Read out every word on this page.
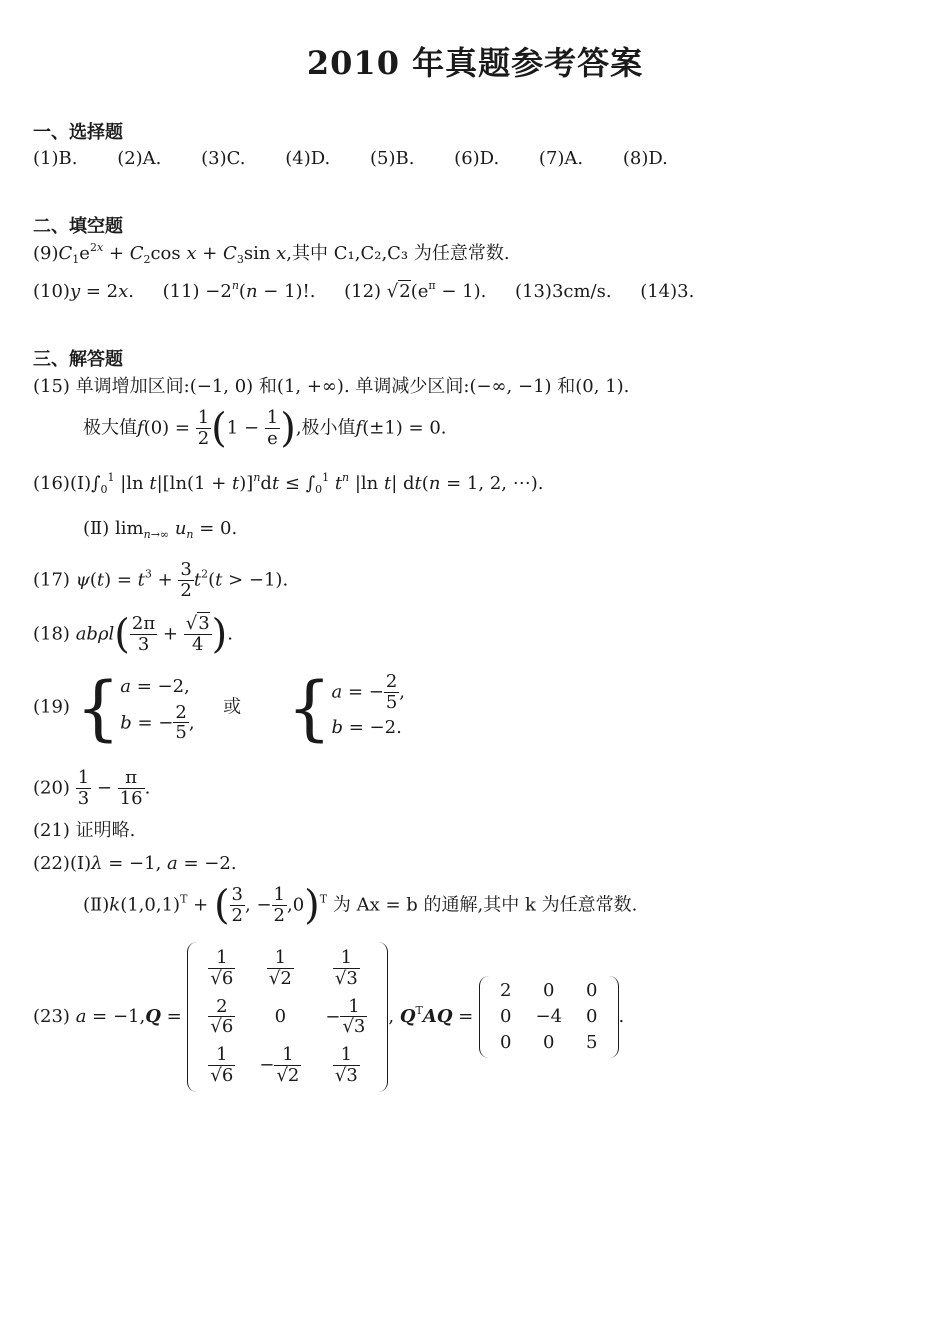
2010 年真题参考答案
一、选择题
(1)B. (2)A. (3)C. (4)D. (5)B. (6)D. (7)A. (8)D.
二、填空题
$(9)C_1e^{2x} + C_2\cos$ $x + C_3\sin$ x,其中 C₁,C₂,C₃ 为任意常数.
(10)y = 2x.     $(11) -2^n(n - 1)$!.     (12) $√2(e^\pi - 1)$.     (13)3cm/s. (14)3.
三、解答题
(15) 单调增加区间:(−1, 0) 和(1, +∞). 单调减少区间:(−∞, −1) 和(0, 1).
极大值$f(0) = \frac{1}{2} (1 - \frac{1}{e}$ ),极小值f(±1) = 0.
$(16)(Ⅰ)\int_0^1$ |ln $t|[\ln(1 + t)]^ndt \le \int_0^1$ $t^n$ |ln t| dt(n = 1, 2, ⋯).
(Ⅱ) $\lim_{n\to\infty} u_n = 0$.
(17) $\psi(t) = t^3 + \frac{3}{2} t^2(t > -1)$.
(18) $ab\rho l( \frac{2\pi}{3} + \frac{√3}{4}$ ).
(19) {a = −2,
b = − $\frac{2}{5}$ ,     或 {a = − $\frac{2}{5}$ ,
b = −2.
$(20) \frac{1}{3} - \frac{\pi}{16}$ .
(21) 证明略.
(22)(Ⅰ)λ = −1, a = −2.
$(Ⅱ)k(1,0,1)^T$ + ( $\frac{3}{2}$ , − $\frac{1}{2} ,0)^T$ 为 Ax = b 的通解,其中 k 为任意常数.
(23) a = −1,Q =
$\frac{1}{√6}$	$\frac{1}{√2}$	$\frac{1}{√3}$

$\frac{2}{√6}$	0	− $\frac{1}{√3}$

$\frac{1}{√6}$	− $\frac{1}{√2}$	$\frac{1}{√3}$
, $Q^TAQ$ =
2	0	0
0	−4	0
0	0	5
.
